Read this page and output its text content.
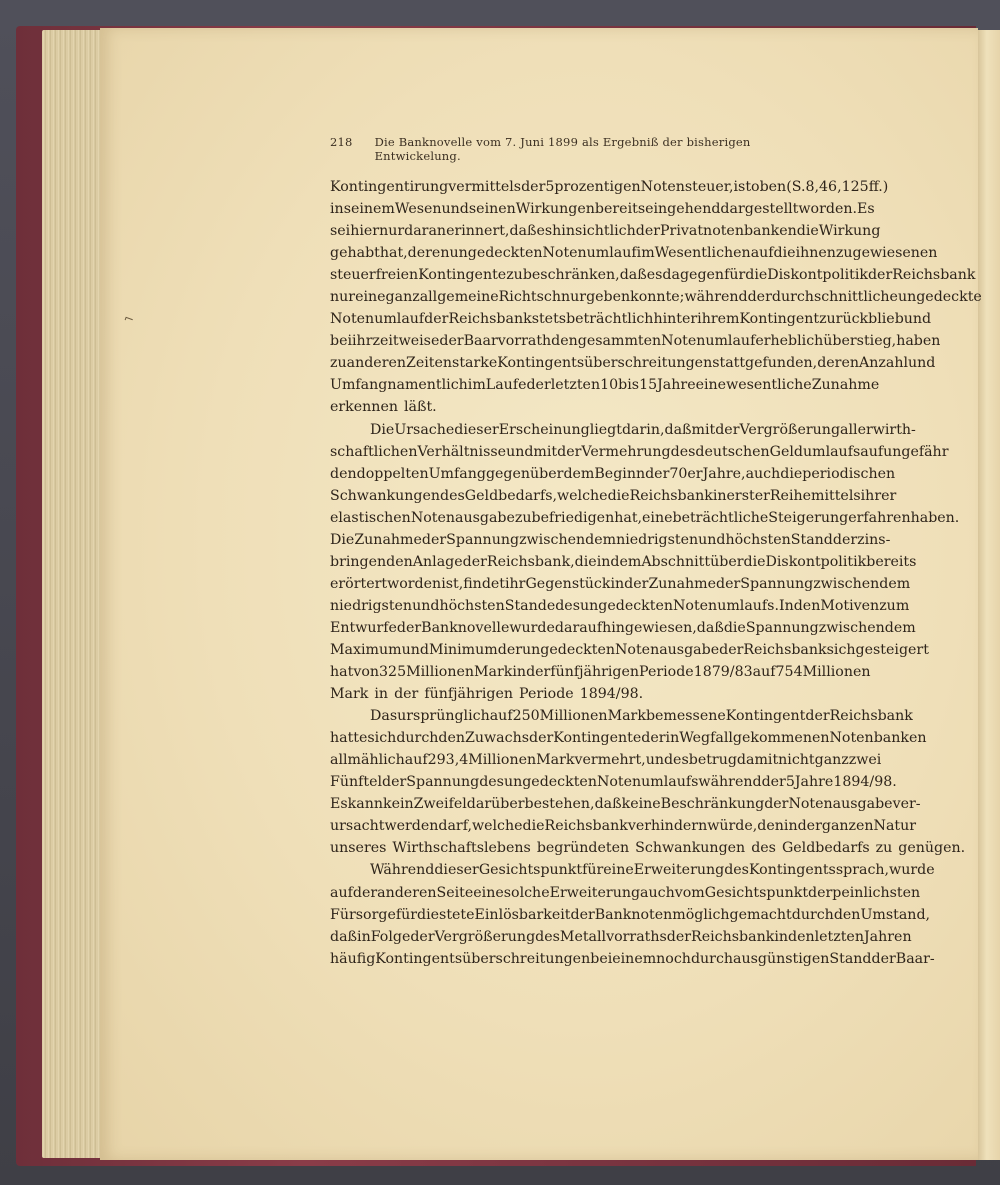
218 Die Banknovelle vom 7. Juni 1899 als Ergebniß der bisherigen Entwickelung.
⌐
Kontingentirung vermittels der 5prozentigen Notensteuer, ist oben (S. 8, 46, 125 ff.)
in seinem Wesen und seinen Wirkungen bereits eingehend dargestellt worden. Es
sei hier nur daran erinnert, daß es hinsichtlich der Privatnotenbanken die Wirkung
gehabt hat, deren ungedeckten Notenumlauf im Wesentlichen auf die ihnen zugewiesenen
steuerfreien Kontingente zu beschränken, daß es dagegen für die Diskontpolitik der Reichsbank
nur eine ganz allgemeine Richtschnur geben konnte; während der durchschnittliche ungedeckte
Notenumlauf der Reichsbank stets beträchtlich hinter ihrem Kontingent zurückblieb und
bei ihr zeitweise der Baarvorrath den gesammten Notenumlauf erheblich überstieg, haben
zu anderen Zeiten starke Kontingentsüberschreitungen stattgefunden, deren Anzahl und
Umfang namentlich im Laufe der letzten 10 bis 15 Jahre eine wesentliche Zunahme
erkennen läßt.
Die Ursache dieser Erscheinung liegt darin, daß mit der Vergrößerung aller wirth-
schaftlichen Verhältnisse und mit der Vermehrung des deutschen Geldumlaufs auf ungefähr
den doppelten Umfang gegenüber dem Beginn der 70er Jahre, auch die periodischen
Schwankungen des Geldbedarfs, welche die Reichsbank in erster Reihe mittels ihrer
elastischen Notenausgabe zu befriedigen hat, eine beträchtliche Steigerung erfahren haben.
Die Zunahme der Spannung zwischen dem niedrigsten und höchsten Stand der zins-
bringenden Anlage der Reichsbank, die in dem Abschnitt über die Diskontpolitik bereits
erörtert worden ist, findet ihr Gegenstück in der Zunahme der Spannung zwischen dem
niedrigsten und höchsten Stande des ungedeckten Notenumlaufs. In den Motiven zum
Entwurfe der Banknovelle wurde darauf hingewiesen, daß die Spannung zwischen dem
Maximum und Minimum der ungedeckten Notenausgabe der Reichsbank sich gesteigert
hat von 325 Millionen Mark in der fünfjährigen Periode 1879/83 auf 754 Millionen
Mark in der fünfjährigen Periode 1894/98.
Das ursprünglich auf 250 Millionen Mark bemessene Kontingent der Reichsbank
hatte sich durch den Zuwachs der Kontingente der in Wegfall gekommenen Notenbanken
allmählich auf 293,4 Millionen Mark vermehrt, und es betrug damit nicht ganz zwei
Fünftel der Spannung des ungedeckten Notenumlaufs während der 5 Jahre 1894/98.
Es kann kein Zweifel darüber bestehen, daß keine Beschränkung der Notenausgabe ver-
ursacht werden darf, welche die Reichsbank verhindern würde, den in der ganzen Natur
unseres Wirthschaftslebens begründeten Schwankungen des Geldbedarfs zu genügen.
Während dieser Gesichtspunkt für eine Erweiterung des Kontingents sprach, wurde
auf der anderen Seite eine solche Erweiterung auch vom Gesichtspunkt der peinlichsten
Fürsorge für die stete Einlösbarkeit der Banknoten möglich gemacht durch den Umstand,
daß in Folge der Vergrößerung des Metallvorraths der Reichsbank in den letzten Jahren
häufig Kontingentsüberschreitungen bei einem noch durchaus günstigen Stand der Baar-
